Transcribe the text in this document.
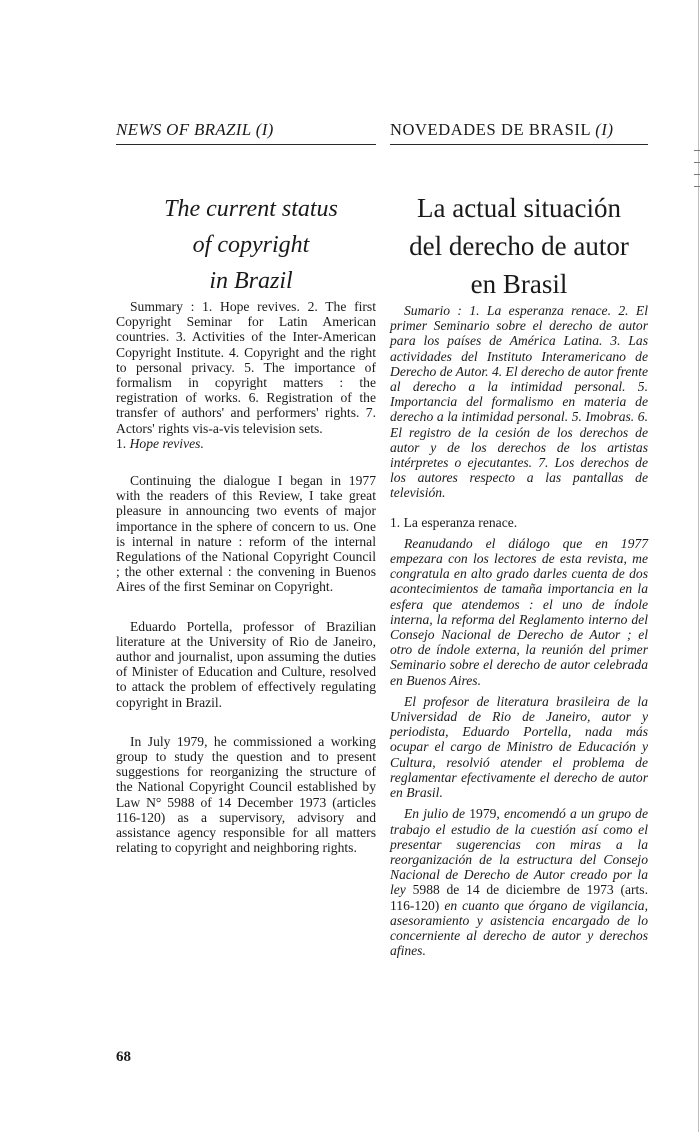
NEWS OF BRAZIL (I)
The current status
of copyright
in Brazil

Summary : 1. Hope revives. 2. The first Copyright Seminar for Latin American countries. 3. Activities of the Inter-American Copyright Institute. 4. Copyright and the right to personal privacy. 5. The importance of formalism in copyright matters : the registration of works. 6. Registration of the transfer of authors' and performers' rights. 7. Actors' rights vis-a-vis television sets.

1. Hope revives.

Continuing the dialogue I began in 1977 with the readers of this Review, I take great pleasure in announcing two events of major importance in the sphere of concern to us. One is internal in nature : reform of the internal Regulations of the National Copyright Council ; the other external : the convening in Buenos Aires of the first Seminar on Copyright.

Eduardo Portella, professor of Brazilian literature at the University of Rio de Janeiro, author and journalist, upon assuming the duties of Minister of Education and Culture, resolved to attack the problem of effectively regulating copyright in Brazil.

In July 1979, he commissioned a working group to study the question and to present suggestions for reorganizing the structure of the National Copyright Council established by Law N° 5988 of 14 December 1973 (articles 116-120) as a supervisory, advisory and assistance agency responsible for all matters relating to copyright and neighboring rights.

NOVEDADES DE BRASIL (I)
La actual situación
del derecho de autor
en Brasil

Sumario : 1. La esperanza renace. 2. El primer Seminario sobre el derecho de autor para los países de América Latina. 3. Las actividades del Instituto Interamericano de Derecho de Autor. 4. El derecho de autor frente al derecho a la intimidad personal. 5. Importancia del formalismo en materia de derecho a la intimidad personal. 5. Imobras. 6. El registro de la cesión de los derechos de autor y de los derechos de los artistas intérpretes o ejecutantes. 7. Los derechos de los autores respecto a las pantallas de televisión.

1. La esperanza renace.

Reanudando el diálogo que en 1977 empezara con los lectores de esta revista, me congratula en alto grado darles cuenta de dos acontecimientos de tamaña importancia en la esfera que atendemos : el uno de índole interna, la reforma del Reglamento interno del Consejo Nacional de Derecho de Autor ; el otro de índole externa, la reunión del primer Seminario sobre el derecho de autor celebrada en Buenos Aires.

El profesor de literatura brasileira de la Universidad de Rio de Janeiro, autor y periodista, Eduardo Portella, nada más ocupar el cargo de Ministro de Educación y Cultura, resolvió atender el problema de reglamentar efectivamente el derecho de autor en Brasil.

En julio de 1979, encomendó a un grupo de trabajo el estudio de la cuestión así como el presentar sugerencias con miras a la reorganización de la estructura del Consejo Nacional de Derecho de Autor creado por la ley 5988 de 14 de diciembre de 1973 (arts. 116-120) en cuanto que órgano de vigilancia, asesoramiento y asistencia encargado de lo concerniente al derecho de autor y derechos afines.

68
